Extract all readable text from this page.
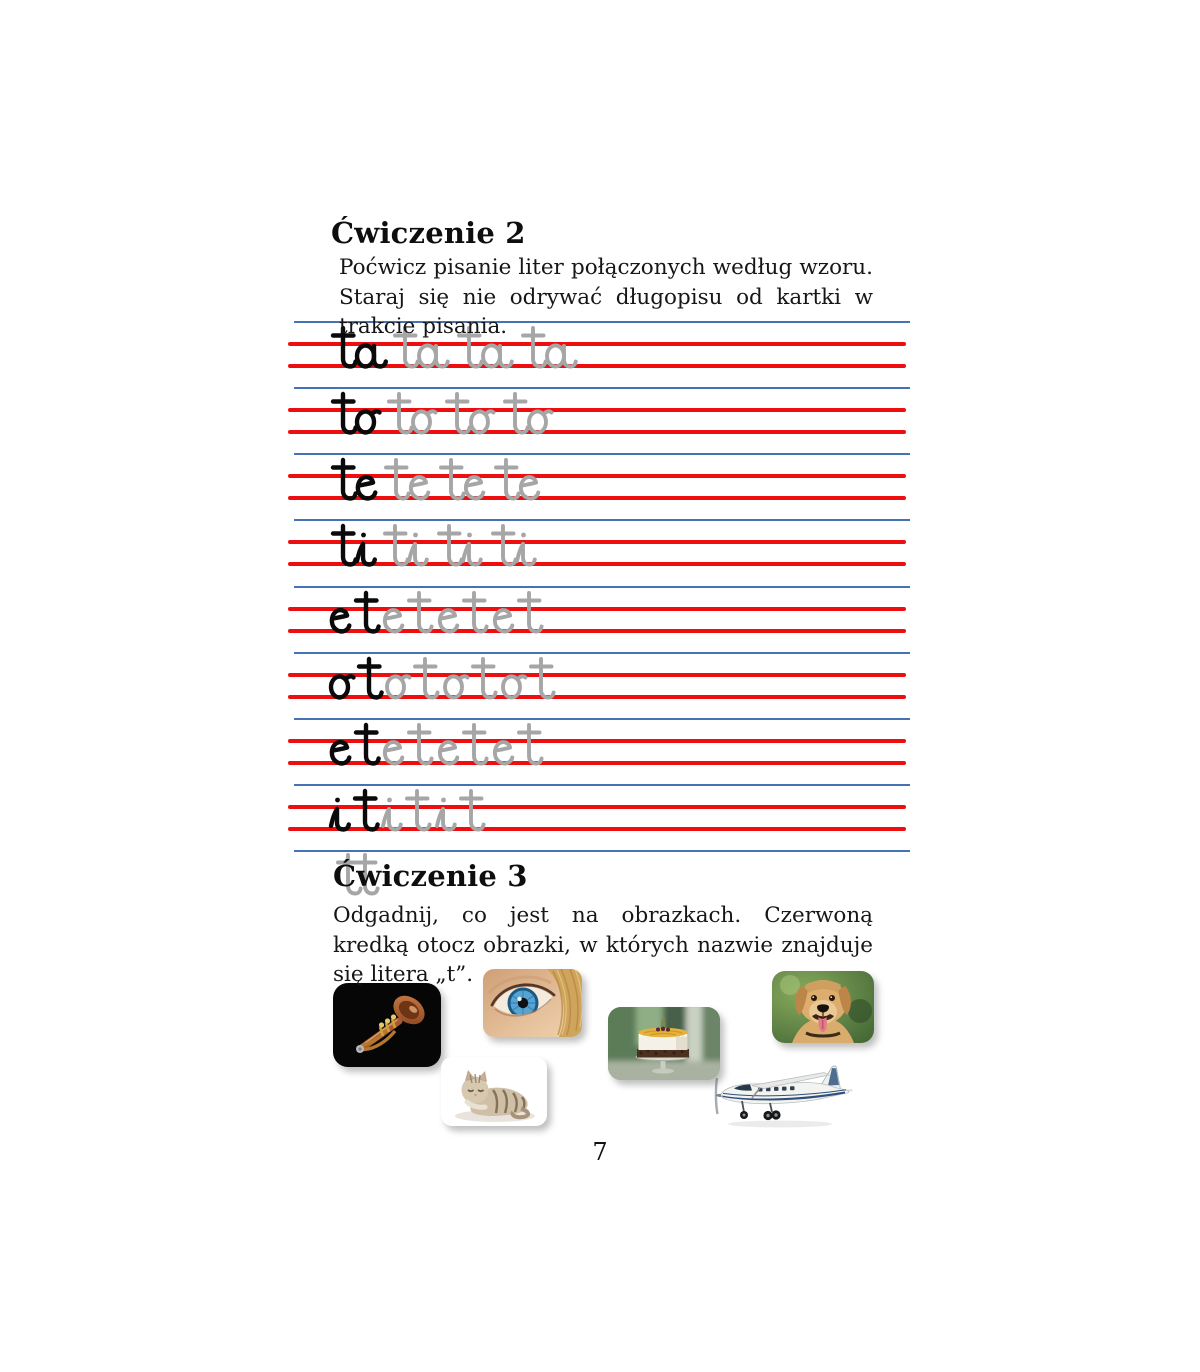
Ćwiczenie 2

Poćwicz pisanie liter połączonych według wzoru. Staraj się nie odrywać długopisu od kartki w trakcie pisania.

Ćwiczenie 3

Odgadnij, co jest na obrazkach. Czerwoną kredką otocz obrazki, w których nazwie znajduje się litera „t”.

7
